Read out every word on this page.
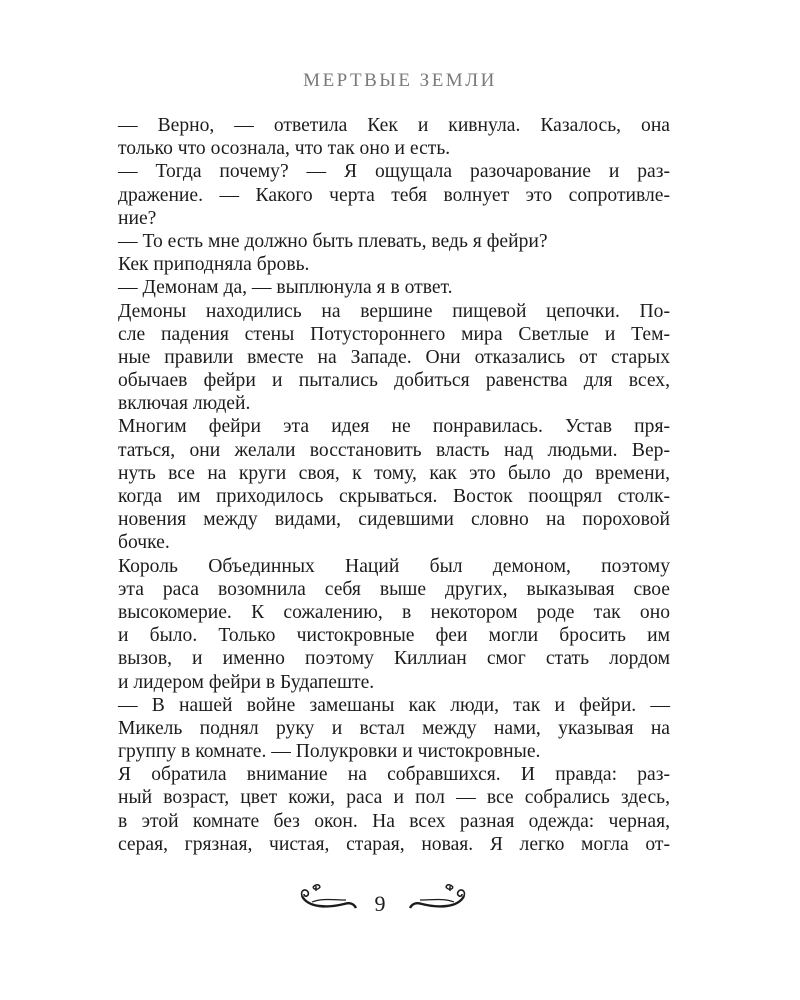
МЕРТВЫЕ ЗЕМЛИ
— Верно, — ответила Кек и кивнула. Казалось, она
только что осознала, что так оно и есть.
— Тогда почему? — Я ощущала разочарование и раз-
дражение. — Какого черта тебя волнует это сопротивле-
ние?
— То есть мне должно быть плевать, ведь я фейри?
Кек приподняла бровь.
— Демонам да, — выплюнула я в ответ.
Демоны находились на вершине пищевой цепочки. По-
сле падения стены Потустороннего мира Светлые и Тем-
ные правили вместе на Западе. Они отказались от старых
обычаев фейри и пытались добиться равенства для всех,
включая людей.
Многим фейри эта идея не понравилась. Устав пря-
таться, они желали восстановить власть над людьми. Вер-
нуть все на круги своя, к тому, как это было до времени,
когда им приходилось скрываться. Восток поощрял столк-
новения между видами, сидевшими словно на пороховой
бочке.
Король Объединных Наций был демоном, поэтому
эта раса возомнила себя выше других, выказывая свое
высокомерие. К сожалению, в некотором роде так оно
и было. Только чистокровные феи могли бросить им
вызов, и именно поэтому Киллиан смог стать лордом
и лидером фейри в Будапеште.
— В нашей войне замешаны как люди, так и фейри. —
Микель поднял руку и встал между нами, указывая на
группу в комнате. — Полукровки и чистокровные.
Я обратила внимание на собравшихся. И правда: раз-
ный возраст, цвет кожи, раса и пол — все собрались здесь,
в этой комнате без окон. На всех разная одежда: черная,
серая, грязная, чистая, старая, новая. Я легко могла от-
9
